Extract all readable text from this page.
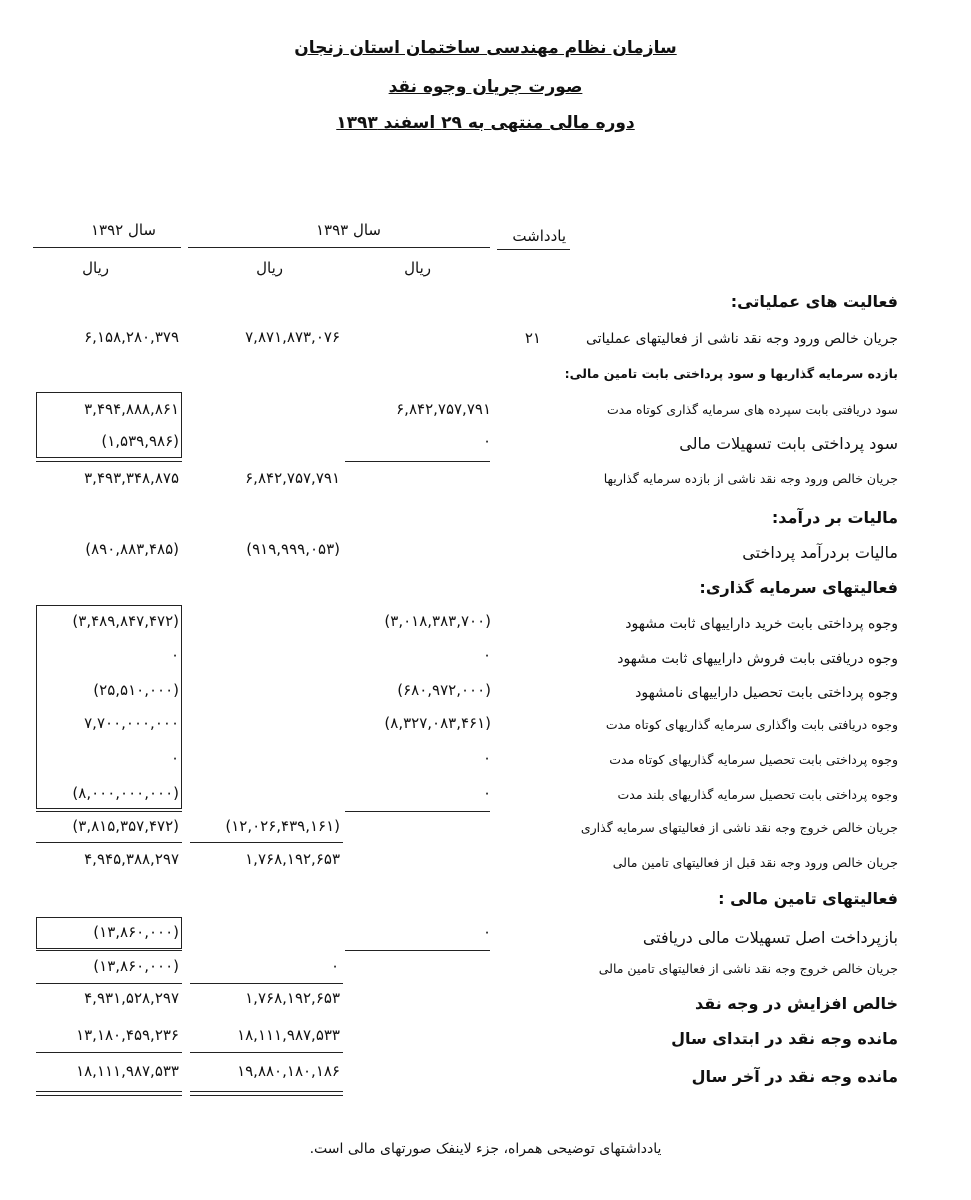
سازمان نظام مهندسی ساختمان استان زنجان
صورت جریان وجوه نقد
دوره مالی منتهی به ۲۹ اسفند ۱۳۹۳
یادداشت
سال ۱۳۹۳
سال ۱۳۹۲
ریال
ریال
ریال
فعالیت های عملیاتی:
جریان خالص ورود وجه نقد ناشی از فعالیتهای عملیاتی
۲۱
۷,۸۷۱,۸۷۳,۰۷۶
۶,۱۵۸,۲۸۰,۳۷۹
بازده سرمایه گذاریها و سود پرداختی بابت تامین مالی:
سود دریافتی بابت سپرده های سرمایه گذاری کوتاه مدت
۶,۸۴۲,۷۵۷,۷۹۱
۳,۴۹۴,۸۸۸,۸۶۱
سود پرداختی بابت تسهیلات مالی
۰
(۱,۵۳۹,۹۸۶)
جریان خالص ورود وجه نقد ناشی از بازده سرمایه گذاریها
۶,۸۴۲,۷۵۷,۷۹۱
۳,۴۹۳,۳۴۸,۸۷۵
مالیات بر درآمد:
مالیات بردرآمد پرداختی
(۹۱۹,۹۹۹,۰۵۳)
(۸۹۰,۸۸۳,۴۸۵)
فعالیتهای سرمایه گذاری:
وجوه پرداختی بابت خرید داراییهای ثابت مشهود
(۳,۰۱۸,۳۸۳,۷۰۰)
(۳,۴۸۹,۸۴۷,۴۷۲)
وجوه دریافتی بابت فروش داراییهای ثابت مشهود
۰
۰
وجوه پرداختی بابت تحصیل داراییهای نامشهود
(۶۸۰,۹۷۲,۰۰۰)
(۲۵,۵۱۰,۰۰۰)
وجوه دریافتی بابت واگذاری سرمایه گذاریهای کوتاه مدت
(۸,۳۲۷,۰۸۳,۴۶۱)
۷,۷۰۰,۰۰۰,۰۰۰
وجوه پرداختی بابت تحصیل سرمایه گذاریهای کوتاه مدت
۰
۰
وجوه پرداختی بابت تحصیل سرمایه گذاریهای بلند مدت
۰
(۸,۰۰۰,۰۰۰,۰۰۰)
جریان خالص خروج وجه نقد ناشی از فعالیتهای سرمایه گذاری
(۱۲,۰۲۶,۴۳۹,۱۶۱)
(۳,۸۱۵,۳۵۷,۴۷۲)
جریان خالص ورود وجه نقد قبل از فعالیتهای تامین مالی
۱,۷۶۸,۱۹۲,۶۵۳
۴,۹۴۵,۳۸۸,۲۹۷
فعالیتهای تامین مالی :
بازپرداخت اصل تسهیلات مالی دریافتی
۰
(۱۳,۸۶۰,۰۰۰)
جریان خالص خروج وجه نقد ناشی از فعالیتهای تامین مالی
۰
(۱۳,۸۶۰,۰۰۰)
خالص افزایش در وجه نقد
۱,۷۶۸,۱۹۲,۶۵۳
۴,۹۳۱,۵۲۸,۲۹۷
مانده وجه نقد در ابتدای سال
۱۸,۱۱۱,۹۸۷,۵۳۳
۱۳,۱۸۰,۴۵۹,۲۳۶
مانده وجه نقد در آخر سال
۱۹,۸۸۰,۱۸۰,۱۸۶
۱۸,۱۱۱,۹۸۷,۵۳۳
یادداشتهای توضیحی همراه، جزء لاینفک صورتهای مالی است.
